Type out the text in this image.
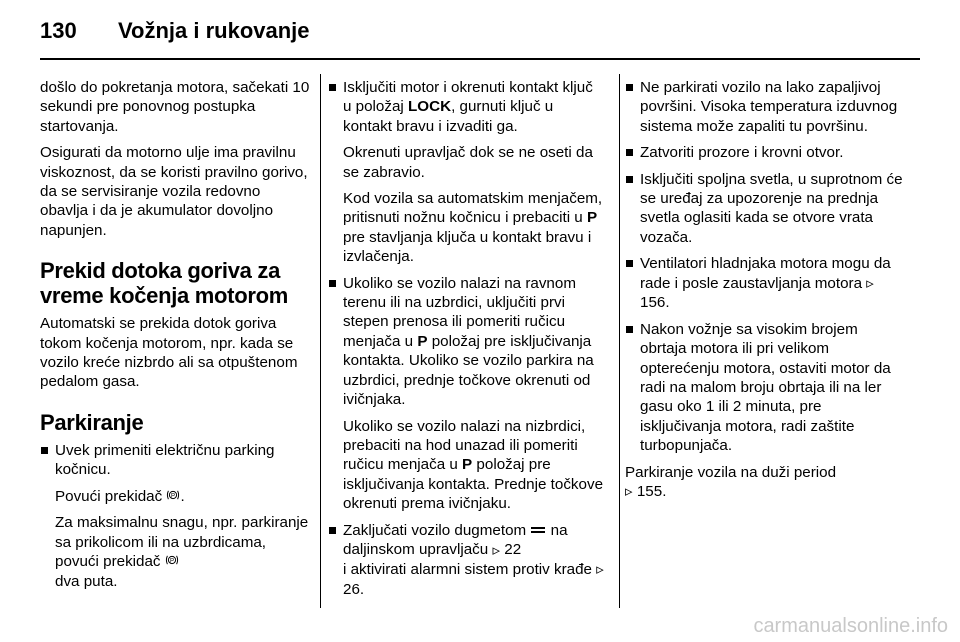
130 Vožnja i rukovanje

došlo do pokretanja motora, sačekati 10 sekundi pre ponovnog postupka startovanja.

Osigurati da motorno ulje ima pravilnu viskoznost, da se koristi pravilno gorivo, da se servisiranje vozila redovno obavlja i da je akumulator dovoljno napunjen.

Prekid dotoka goriva za vreme kočenja motorom

Automatski se prekida dotok goriva tokom kočenja motorom, npr. kada se vozilo kreće nizbrdo ali sa otpuštenom pedalom gasa.

Parkiranje
Uvek primeniti električnu parking kočnicu.

Povući prekidač P .

Za maksimalnu snagu, npr. parkiranje sa prikolicom ili na uzbrdicama, povući prekidač P

dva puta.

Isključiti motor i okrenuti kontakt ključ u položaj LOCK, gurnuti ključ u kontakt bravu i izvaditi ga.

Okrenuti upravljač dok se ne oseti da se zabravio.

Kod vozila sa automatskim menjačem, pritisnuti nožnu kočnicu i prebaciti u P pre stavljanja ključa u kontakt bravu i izvlačenja.

Ukoliko se vozilo nalazi na ravnom terenu ili na uzbrdici, uključiti prvi stepen prenosa ili pomeriti ručicu menjača u P položaj pre isključivanja kontakta. Ukoliko se vozilo parkira na uzbrdici, prednje točkove okrenuti od ivičnjaka.

Ukoliko se vozilo nalazi na nizbrdici, prebaciti na hod unazad ili pomeriti ručicu menjača u P položaj pre isključivanja kontakta. Prednje točkove okrenuti prema ivičnjaku.

Zaključati vozilo dugmetom na daljinskom upravljaču ▹ 22
i aktivirati alarmni sistem protiv krađe ▹ 26.
Ne parkirati vozilo na lako zapaljivoj površini. Visoka temperatura izduvnog sistema može zapaliti tu površinu.
Zatvoriti prozore i krovni otvor.
Isključiti spoljna svetla, u suprotnom će se uređaj za upozorenje na prednja svetla oglasiti kada se otvore vrata vozača.
Ventilatori hladnjaka motora mogu da rade i posle zaustavljanja motora ▹ 156.
Nakon vožnje sa visokim brojem obrtaja motora ili pri velikom opterećenju motora, ostaviti motor da radi na malom broju obrtaja ili na ler gasu oko 1 ili 2 minuta, pre isključivanja motora, radi zaštite turbopunjača.

Parkiranje vozila na duži period
▹ 155.

carmanualsonline.info
